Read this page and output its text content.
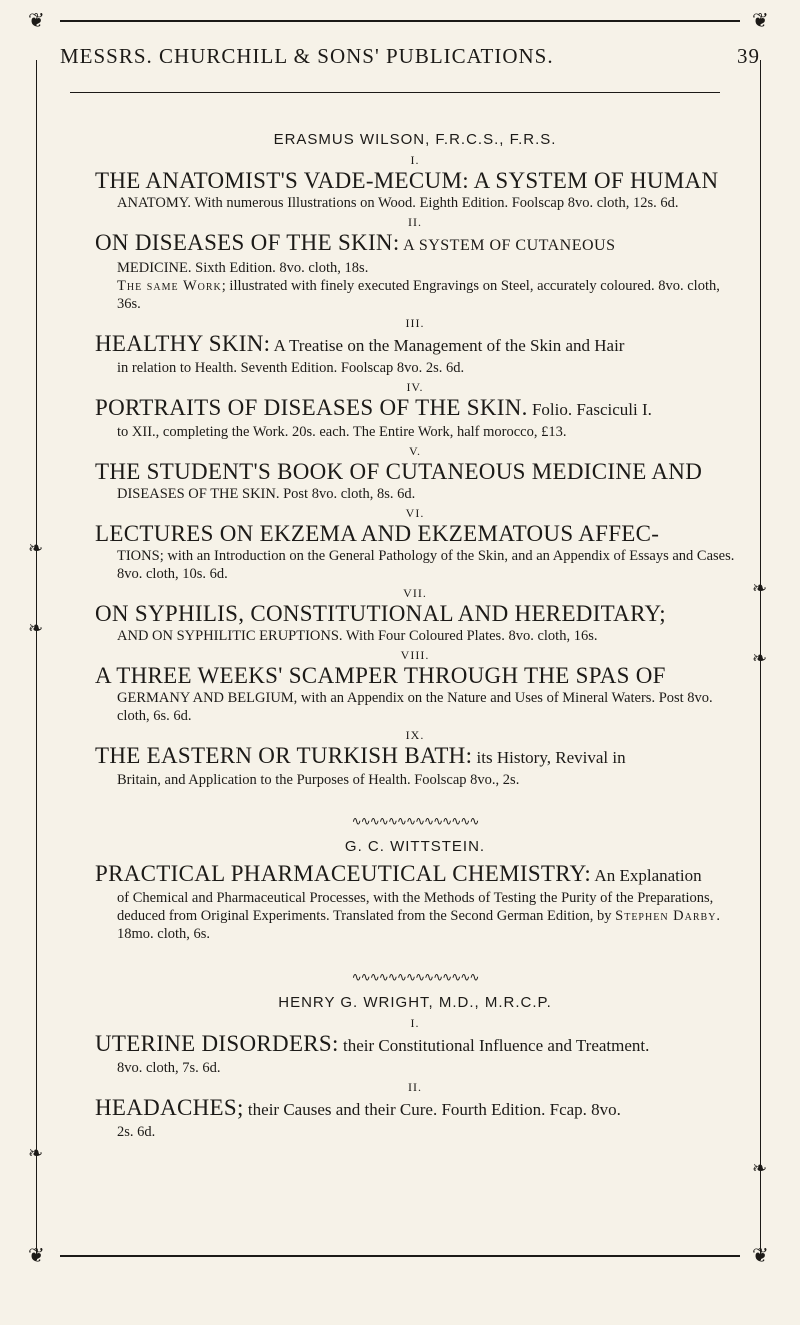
❦	❦
MESSRS. CHURCHILL & SONS' PUBLICATIONS.	39
❧
❧
❧
❧
❧
❧
ERASMUS WILSON, F.R.C.S., F.R.S.
I.
THE ANATOMIST'S VADE-MECUM: A SYSTEM OF HUMAN
ANATOMY. With numerous Illustrations on Wood. Eighth Edition. Foolscap 8vo. cloth, 12s. 6d.
II.
ON DISEASES OF THE SKIN: A SYSTEM OF CUTANEOUS
MEDICINE. Sixth Edition. 8vo. cloth, 18s.
The same Work; illustrated with finely executed Engravings on Steel, accurately coloured. 8vo. cloth, 36s.
III.
HEALTHY SKIN: A Treatise on the Management of the Skin and Hair
in relation to Health. Seventh Edition. Foolscap 8vo. 2s. 6d.
IV.
PORTRAITS OF DISEASES OF THE SKIN. Folio. Fasciculi I.
to XII., completing the Work. 20s. each. The Entire Work, half morocco, £13.
V.
THE STUDENT'S BOOK OF CUTANEOUS MEDICINE AND
DISEASES OF THE SKIN. Post 8vo. cloth, 8s. 6d.
VI.
LECTURES ON EKZEMA AND EKZEMATOUS AFFEC-
TIONS; with an Introduction on the General Pathology of the Skin, and an Appendix of Essays and Cases. 8vo. cloth, 10s. 6d.
VII.
ON SYPHILIS, CONSTITUTIONAL AND HEREDITARY;
AND ON SYPHILITIC ERUPTIONS. With Four Coloured Plates. 8vo. cloth, 16s.
VIII.
A THREE WEEKS' SCAMPER THROUGH THE SPAS OF
GERMANY AND BELGIUM, with an Appendix on the Nature and Uses of Mineral Waters. Post 8vo. cloth, 6s. 6d.
IX.
THE EASTERN OR TURKISH BATH: its History, Revival in
Britain, and Application to the Purposes of Health. Foolscap 8vo., 2s.
∿∿∿∿∿∿∿∿∿∿∿∿∿∿
G. C. WITTSTEIN.
PRACTICAL PHARMACEUTICAL CHEMISTRY: An Explanation
of Chemical and Pharmaceutical Processes, with the Methods of Testing the Purity of the Preparations, deduced from Original Experiments. Translated from the Second German Edition, by Stephen Darby. 18mo. cloth, 6s.
∿∿∿∿∿∿∿∿∿∿∿∿∿∿
HENRY G. WRIGHT, M.D., M.R.C.P.
I.
UTERINE DISORDERS: their Constitutional Influence and Treatment.
8vo. cloth, 7s. 6d.
II.
HEADACHES; their Causes and their Cure. Fourth Edition. Fcap. 8vo.
2s. 6d.
❦	❦
